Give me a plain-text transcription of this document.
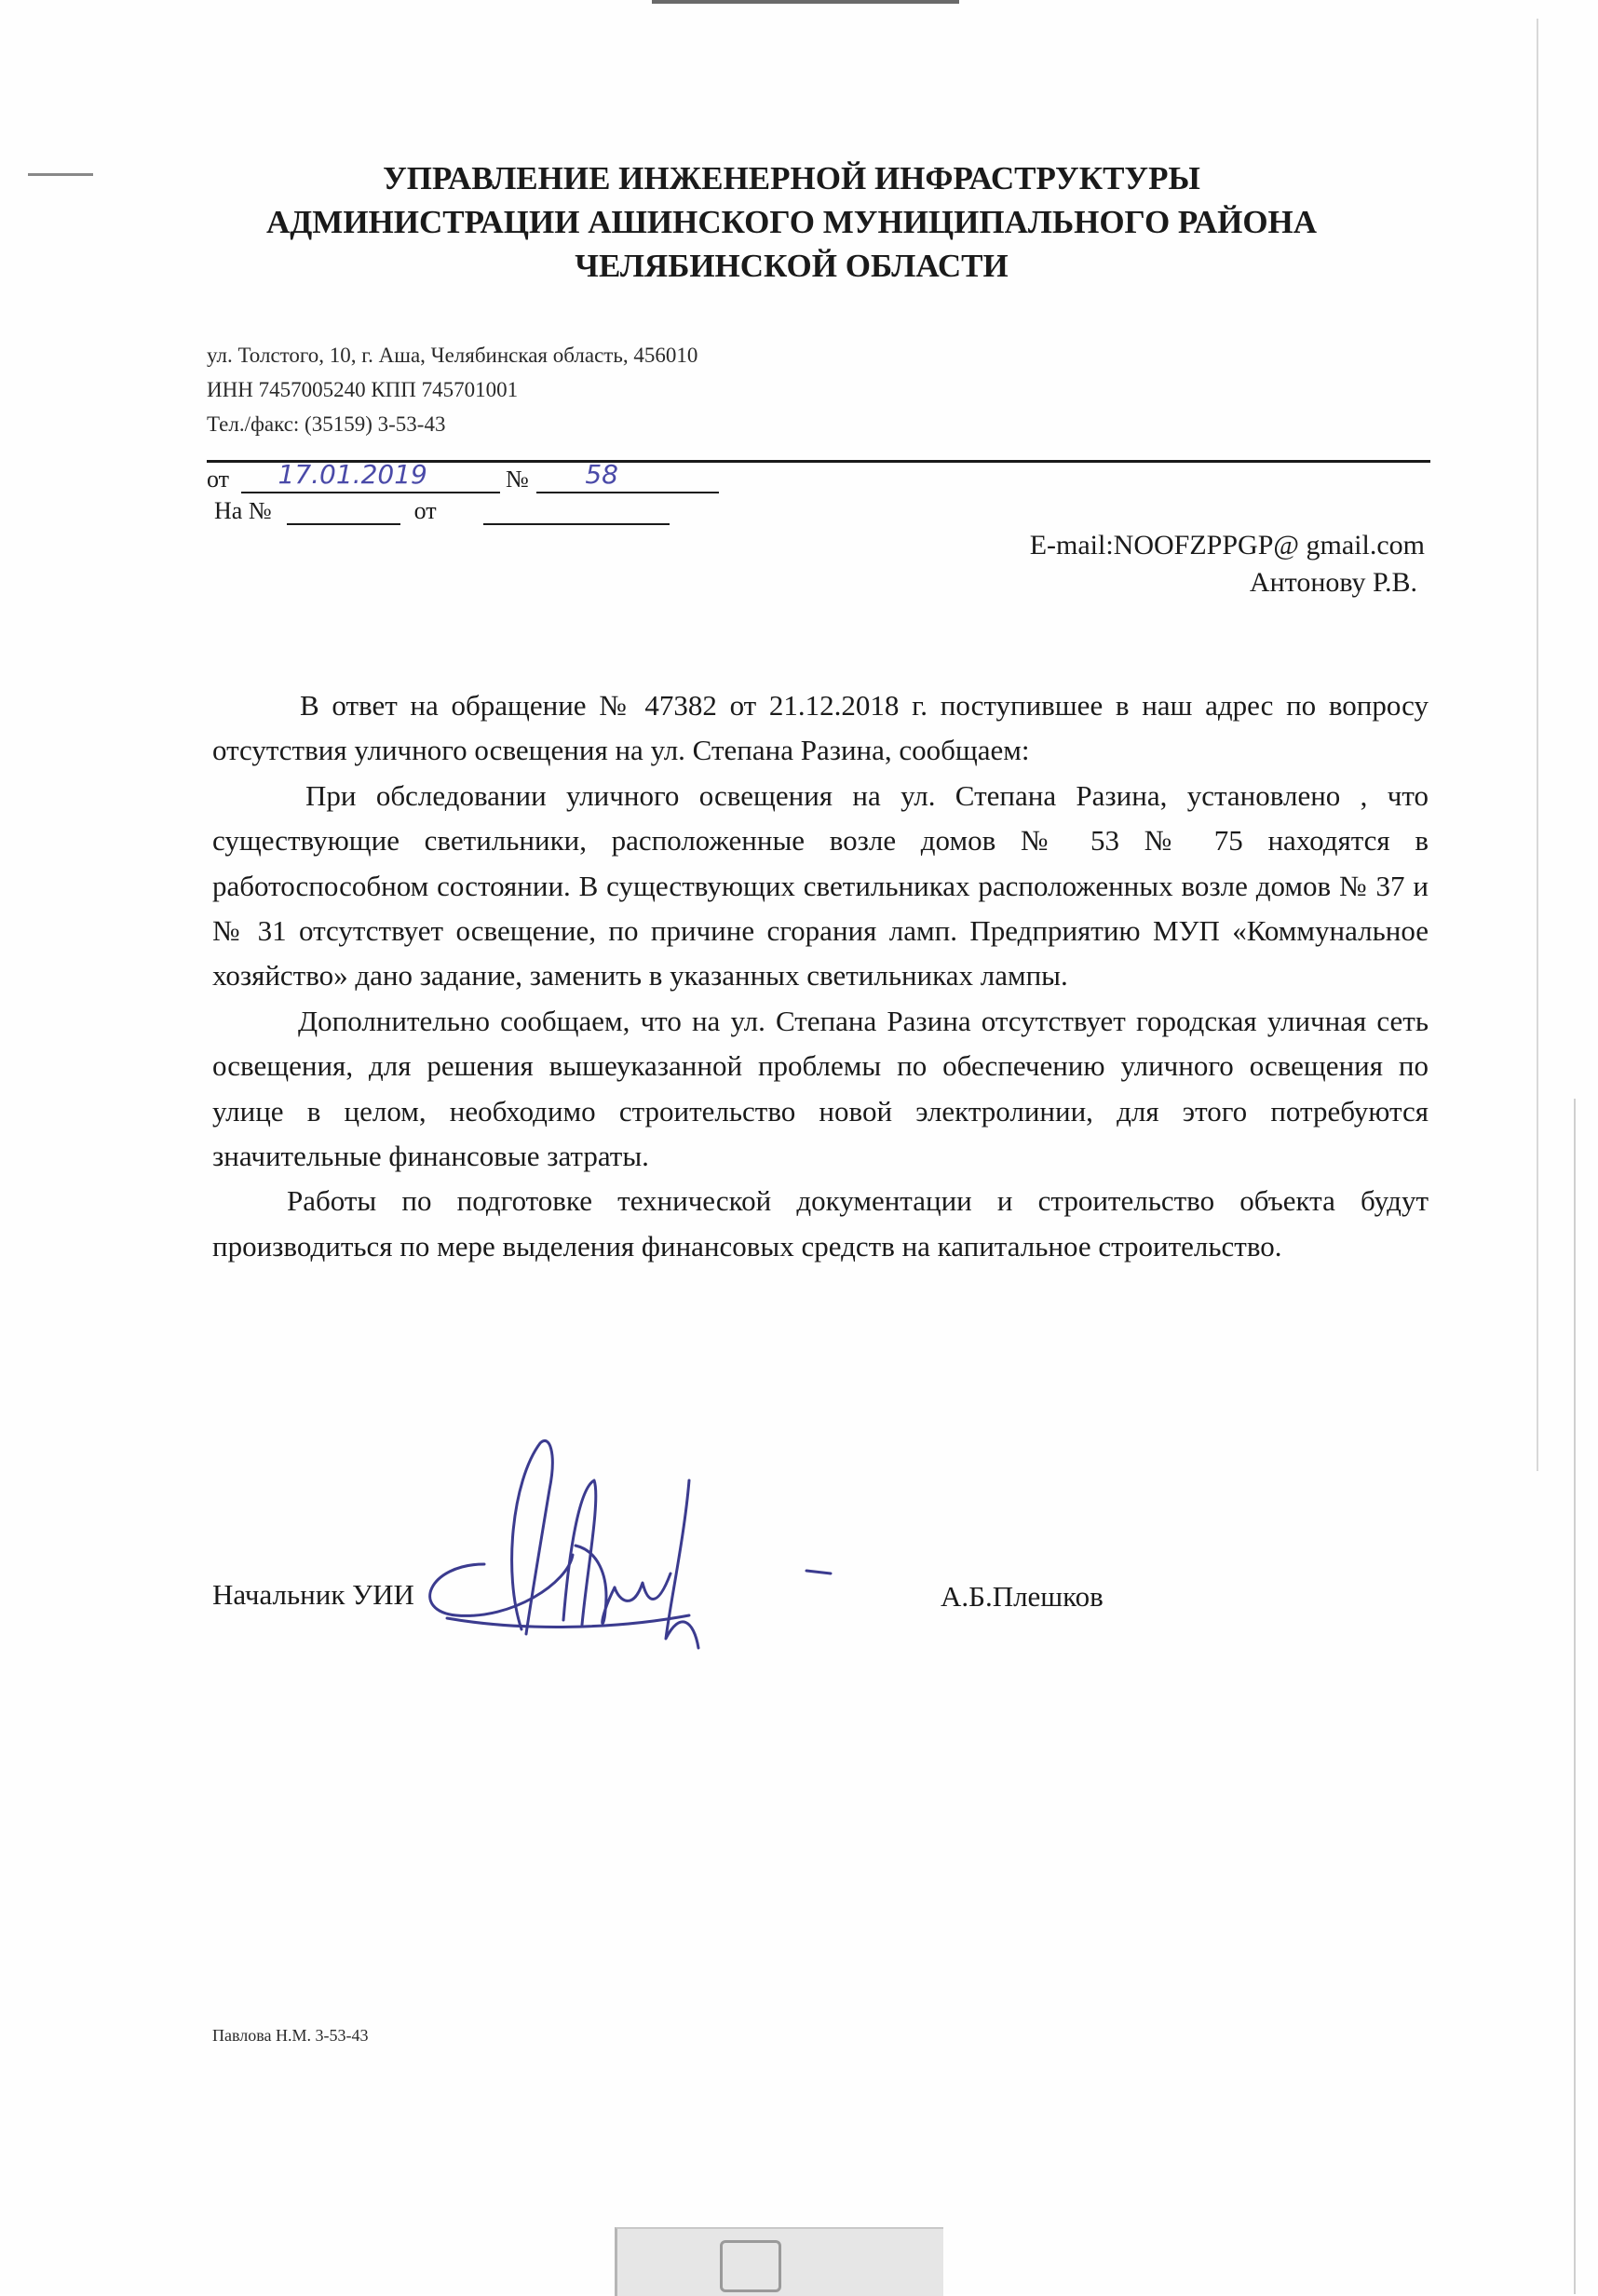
УПРАВЛЕНИЕ ИНЖЕНЕРНОЙ ИНФРАСТРУКТУРЫ
АДМИНИСТРАЦИИ АШИНСКОГО МУНИЦИПАЛЬНОГО РАЙОНА
ЧЕЛЯБИНСКОЙ ОБЛАСТИ
ул. Толстого, 10, г. Аша, Челябинская область, 456010
ИНН 7457005240 КПП 745701001
Тел./факс: (35159) 3-53-43
от 17.01.2019	№ 58
На №	от
E-mail:NOOFZPPGP@ gmail.com
Антонову Р.В.

В ответ на обращение № 47382 от 21.12.2018 г. поступившее в наш адрес по вопросу отсутствия уличного освещения на ул. Степана Разина, сообщаем:

При обследовании уличного освещения на ул. Степана Разина, установлено , что существующие светильники, расположенные возле домов № 53 № 75 находятся в работоспособном состоянии. В существующих светильниках расположенных возле домов № 37 и № 31 отсутствует освещение, по причине сгорания ламп. Предприятию МУП «Коммунальное хозяйство» дано задание, заменить в указанных светильниках лампы.

Дополнительно сообщаем, что на ул. Степана Разина отсутствует городская уличная сеть освещения, для решения вышеуказанной проблемы по обеспечению уличного освещения по улице в целом, необходимо строительство новой электролинии, для этого потребуются значительные финансовые затраты.

Работы по подготовке технической документации и строительство объекта будут производиться по мере выделения финансовых средств на капитальное строительство.

Начальник УИИ	А.Б.Плешков
Павлова Н.М. 3-53-43
